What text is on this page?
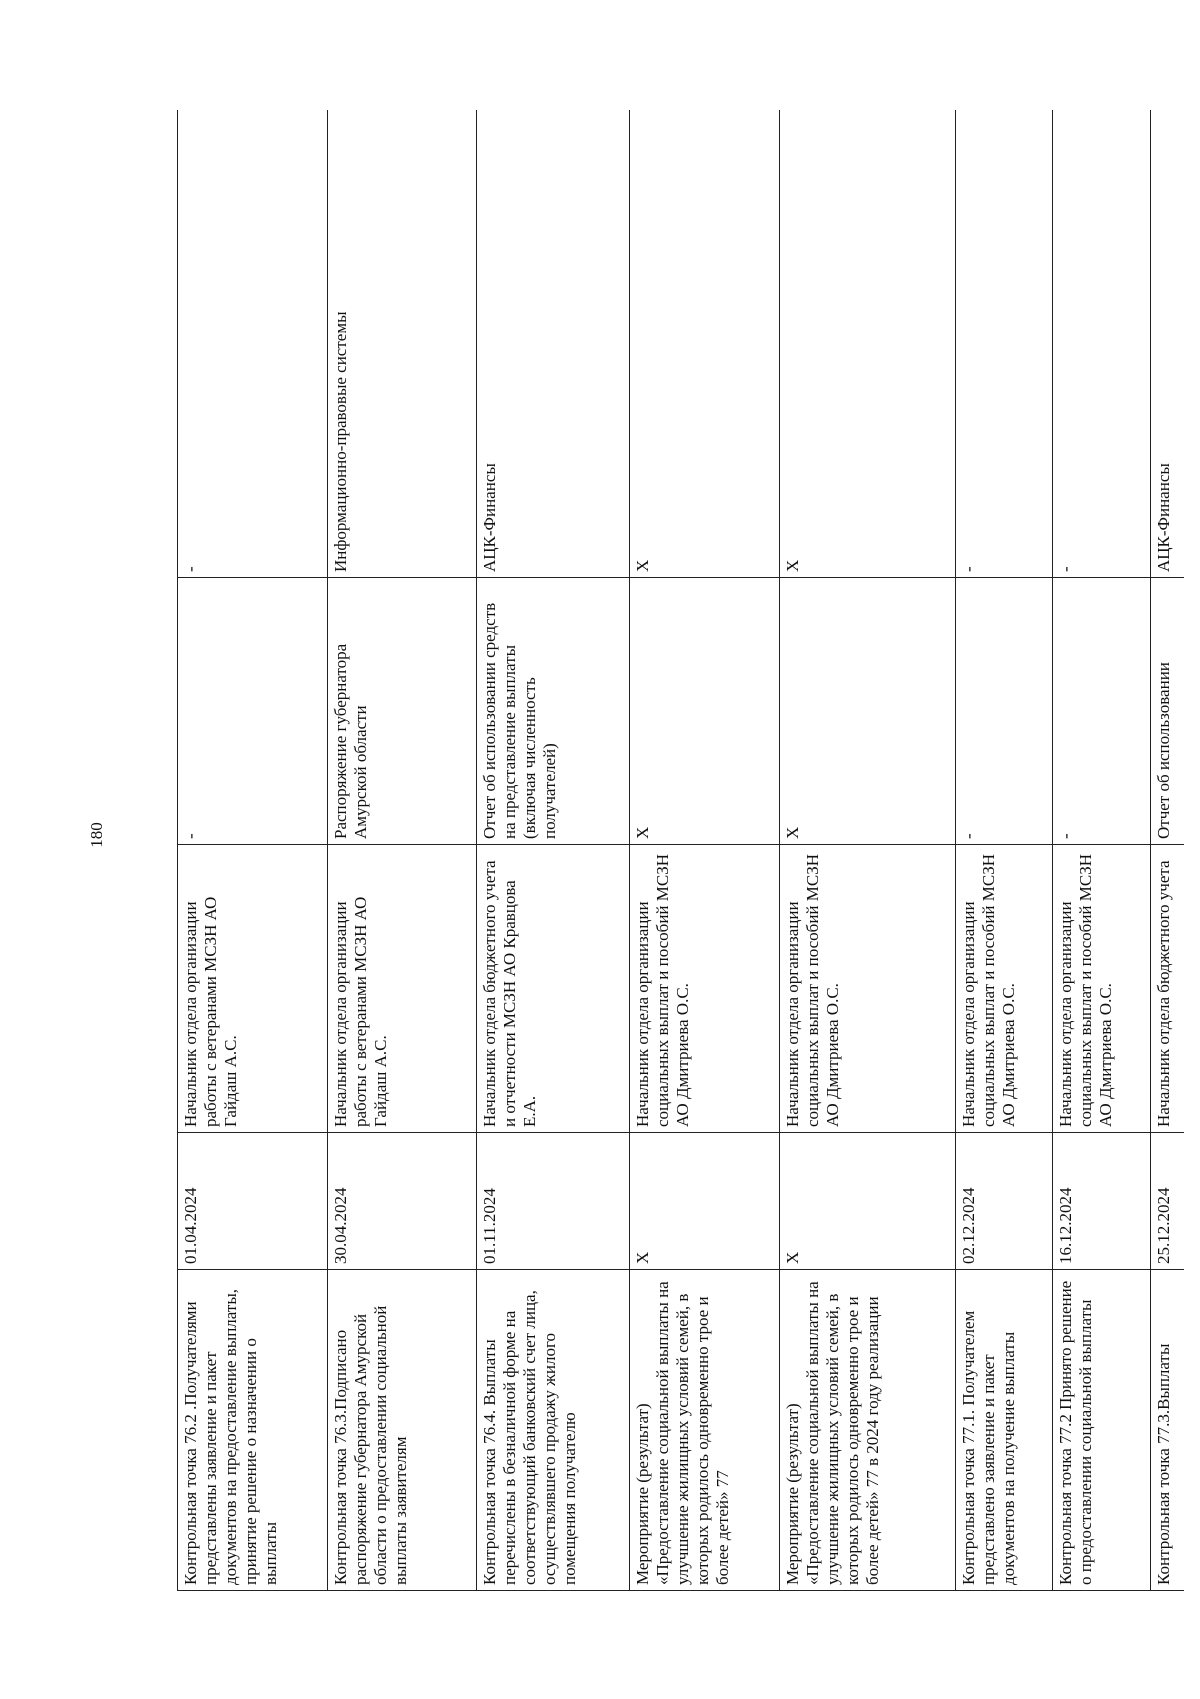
180
Контрольная точка 76.2 .Получателями представлены заявление и пакет документов на предоставление выплаты, принятие решение о назначении о выплаты	01.04.2024	Начальник отдела организации работы с ветеранами МСЗН АО Гайдаш А.С.	-	-
Контрольная точка 76.3.Подписано распоряжение губернатора Амурской области о предоставлении социальной выплаты заявителям	30.04.2024	Начальник отдела организации работы с ветеранами МСЗН АО Гайдаш А.С.	Распоряжение губернатора Амурской области	Информационно-правовые системы
Контрольная точка 76.4. Выплаты перечислены в безналичной форме на соответствующий банковский счет лица, осуществлявшего продажу жилого помещения получателю	01.11.2024	Начальник отдела бюджетного учета и отчетности МСЗН АО Кравцова Е.А.	Отчет об использовании средств на представление выплаты (включая численность получателей)	АЦК-Финансы
Мероприятие (результат) «Предоставление социальной выплаты на улучшение жилищных условий семей, в которых родилось одновременно трое и более детей» 77	X	Начальник отдела организации социальных выплат и пособий МСЗН АО Дмитриева О.С.	X	X
Мероприятие (результат) «Предоставление социальной выплаты на улучшение жилищных условий семей, в которых родилось одновременно трое и более детей» 77 в 2024 году реализации	X	Начальник отдела организации социальных выплат и пособий МСЗН АО Дмитриева О.С.	X	X
Контрольная точка 77.1. Получателем представлено заявление и пакет документов на получение выплаты	02.12.2024	Начальник отдела организации социальных выплат и пособий МСЗН АО Дмитриева О.С.	-	-
Контрольная точка 77.2 Принято решение о предоставлении социальной выплаты	16.12.2024	Начальник отдела организации социальных выплат и пособий МСЗН АО Дмитриева О.С.	-	-
Контрольная точка 77.3.Выплаты	25.12.2024	Начальник отдела бюджетного учета	Отчет об использовании	АЦК-Финансы
